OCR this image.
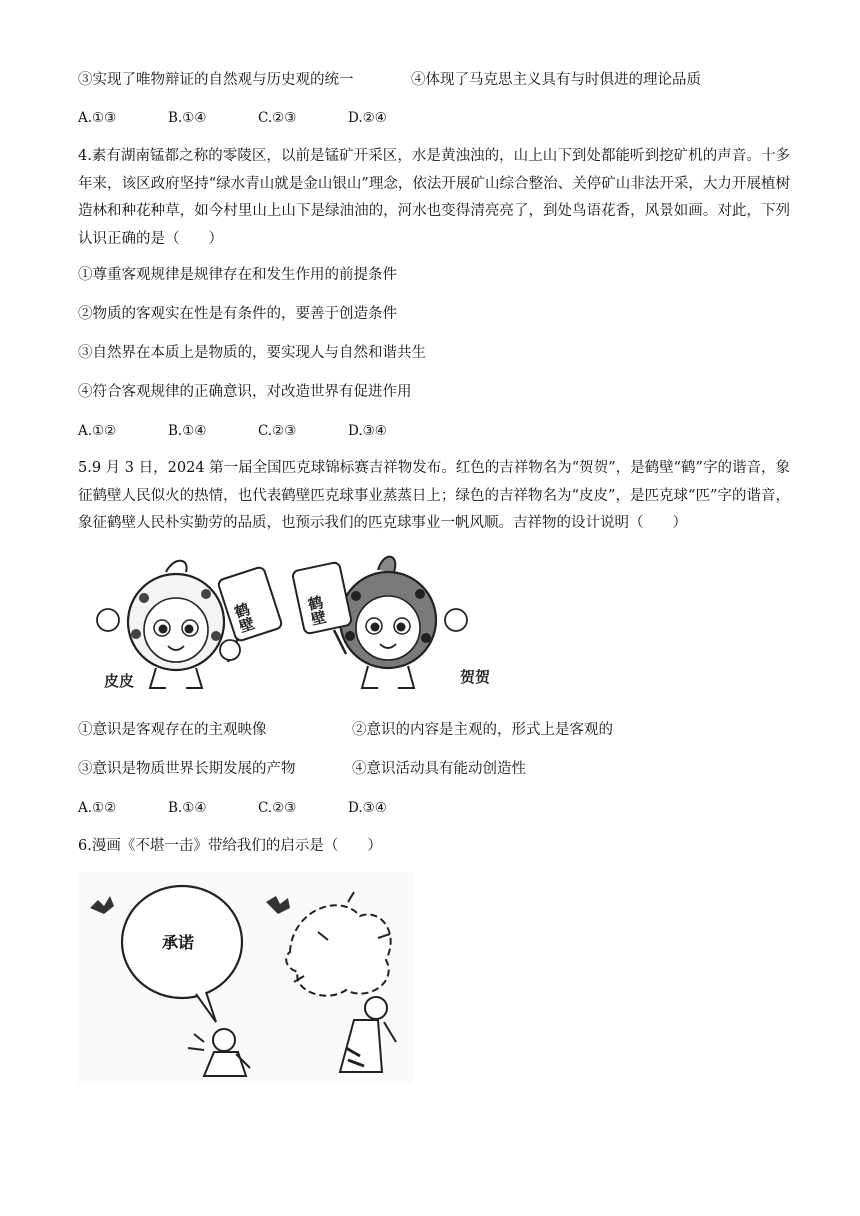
③实现了唯物辩证的自然观与历史观的统一	④体现了马克思主义具有与时俱进的理论品质
A.①③	B.①④	C.②③	D.②④
4.素有湖南锰都之称的零陵区，以前是锰矿开采区，水是黄浊浊的，山上山下到处都能听到挖矿机的声音。十多年来，该区政府坚持“绿水青山就是金山银山”理念，依法开展矿山综合整治、关停矿山非法开采，大力开展植树造林和种花种草，如今村里山上山下是绿油油的，河水也变得清亮亮了，到处鸟语花香，风景如画。对此，下列认识正确的是（　　）
①尊重客观规律是规律存在和发生作用的前提条件
②物质的客观实在性是有条件的，要善于创造条件
③自然界在本质上是物质的，要实现人与自然和谐共生
④符合客观规律的正确意识，对改造世界有促进作用
A.①②	B.①④	C.②③	D.③④
5.9 月 3 日，2024 第一届全国匹克球锦标赛吉祥物发布。红色的吉祥物名为“贺贺”，是鹤壁“鹤”字的谐音，象征鹤壁人民似火的热情，也代表鹤壁匹克球事业蒸蒸日上；绿色的吉祥物名为“皮皮”，是匹克球“匹”字的谐音，象征鹤壁人民朴实勤劳的品质，也预示我们的匹克球事业一帆风顺。吉祥物的设计说明（　　）
鹤壁
皮皮
鹤壁
贺贺
①意识是客观存在的主观映像	②意识的内容是主观的，形式上是客观的
③意识是物质世界长期发展的产物	④意识活动具有能动创造性
A.①②	B.①④	C.②③	D.③④
6.漫画《不堪一击》带给我们的启示是（　　）
承诺
